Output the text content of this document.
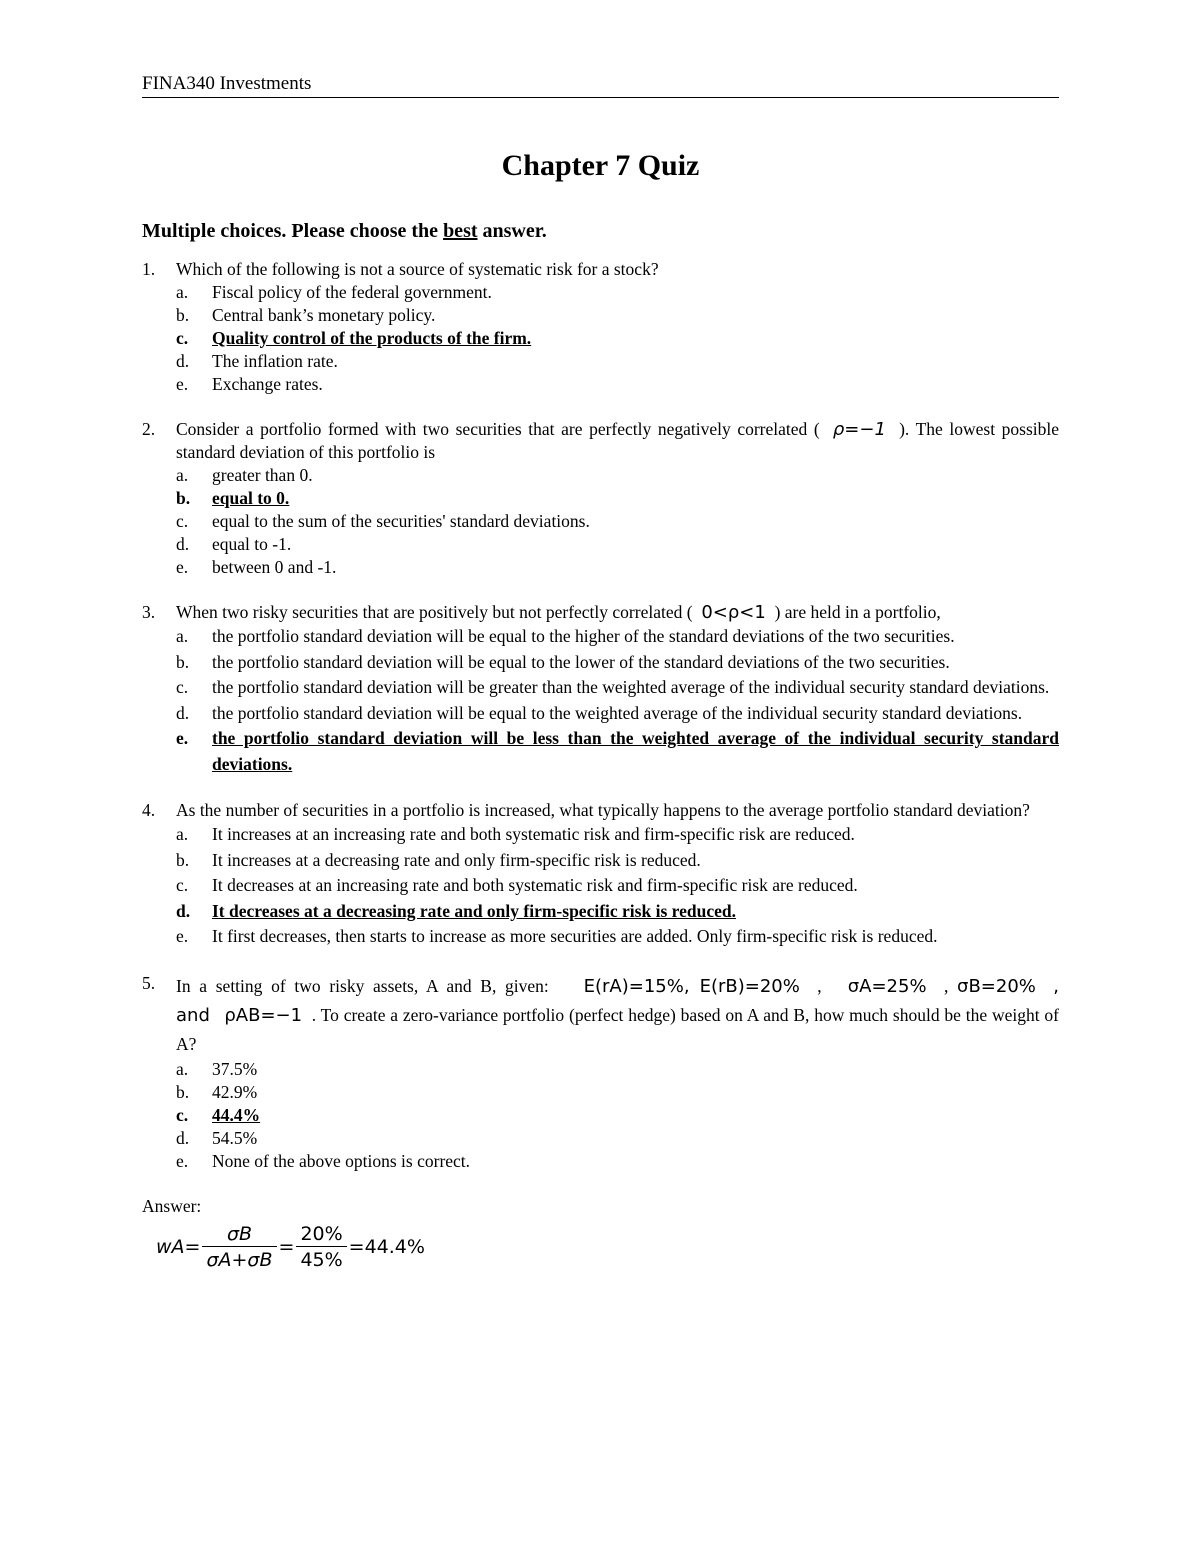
FINA340 Investments
Chapter 7 Quiz
Multiple choices. Please choose the best answer.
1.	Which of the following is not a source of systematic risk for a stock?
a.	Fiscal policy of the federal government.
b.	Central bank’s monetary policy.
c.	Quality control of the products of the firm.
d.	The inflation rate.
e.	Exchange rates.
2.	Consider a portfolio formed with two securities that are perfectly negatively correlated ( ρ=−1 ). The lowest possible standard deviation of this portfolio is
a.	greater than 0.
b.	equal to 0.
c.	equal to the sum of the securities' standard deviations.
d.	equal to -1.
e.	between 0 and -1.
3.	When two risky securities that are positively but not perfectly correlated ( 0<ρ<1 ) are held in a portfolio,
a.	the portfolio standard deviation will be equal to the higher of the standard deviations of the two securities.
b.	the portfolio standard deviation will be equal to the lower of the standard deviations of the two securities.
c.	the portfolio standard deviation will be greater than the weighted average of the individual security standard deviations.
d.	the portfolio standard deviation will be equal to the weighted average of the individual security standard deviations.
e.	the portfolio standard deviation will be less than the weighted average of the individual security standard deviations.
4.	As the number of securities in a portfolio is increased, what typically happens to the average portfolio standard deviation?
a.	It increases at an increasing rate and both systematic risk and firm-specific risk are reduced.
b.	It increases at a decreasing rate and only firm-specific risk is reduced.
c.	It decreases at an increasing rate and both systematic risk and firm-specific risk are reduced.
d.	It decreases at a decreasing rate and only firm-specific risk is reduced.
e.	It first decreases, then starts to increase as more securities are added. Only firm-specific risk is reduced.
5.	In a setting of two risky assets, A and B, given: E(rA)=15%, E(rB)=20%  ,   σA=25%  , σB=20% , and ρAB=−1 . To create a zero-variance portfolio (perfect hedge) based on A and B, how much should be the weight of A?
a.	37.5%
b.	42.9%
c.	44.4%
d.	54.5%
e.	None of the above options is correct.
Answer:
wA = $\frac{\sigma B}{\sigma A+\sigma B} = \frac{20\%}{45\%} = 44.4\%$
